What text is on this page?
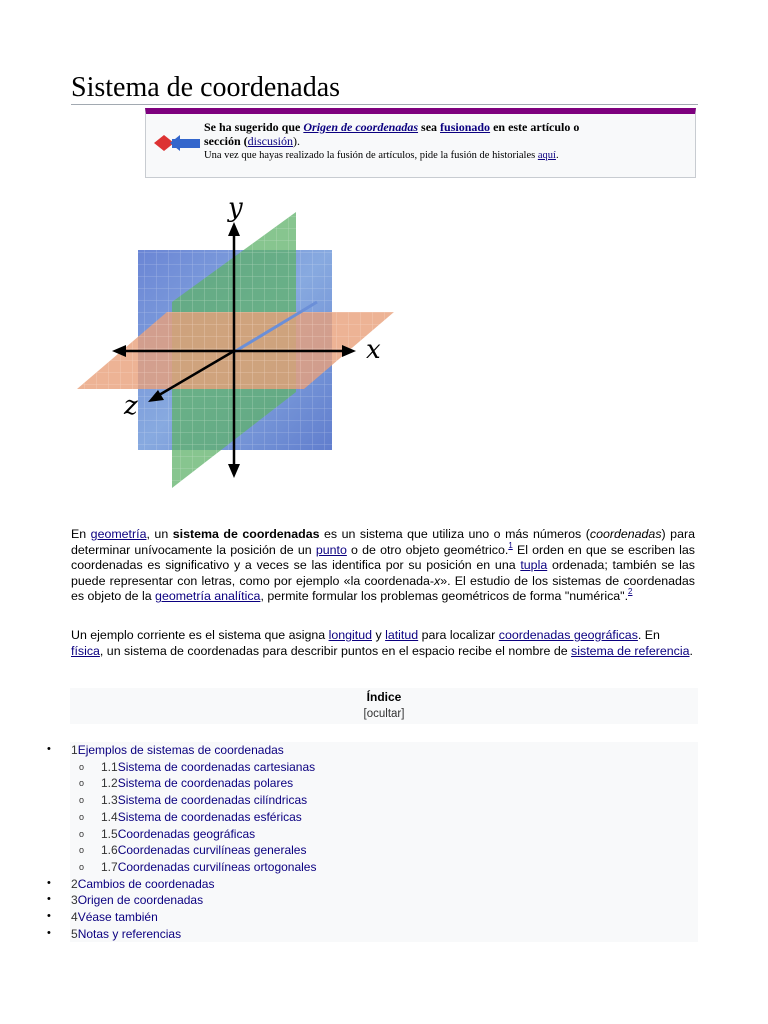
Sistema de coordenadas
Se ha sugerido que Origen de coordenadas sea fusionado en este artículo o
sección (discusión).
Una vez que hayas realizado la fusión de artículos, pide la fusión de historiales aquí.
y
x
z

En geometría, un sistema de coordenadas es un sistema que utiliza uno o más números (coordenadas) para determinar unívocamente la posición de un punto o de otro objeto geométrico.$^1$ El orden en que se escriben las coordenadas es significativo y a veces se las identifica por su posición en una tupla ordenada; también se las puede representar con letras, como por ejemplo «la coordenada-x». El estudio de los sistemas de coordenadas es objeto de la geometría analítica, permite formular los problemas geométricos de forma "numérica".$^2$

Un ejemplo corriente es el sistema que asigna longitud y latitud para localizar coordenadas geográficas. En física, un sistema de coordenadas para describir puntos en el espacio recibe el nombre de sistema de referencia.

Índice
[ocultar]
• 1Ejemplos de sistemas de coordenadas
o 1.1Sistema de coordenadas cartesianas
o 1.2Sistema de coordenadas polares
o 1.3Sistema de coordenadas cilíndricas
o 1.4Sistema de coordenadas esféricas
o 1.5Coordenadas geográficas
o 1.6Coordenadas curvilíneas generales
o 1.7Coordenadas curvilíneas ortogonales
• 2Cambios de coordenadas
• 3Origen de coordenadas
• 4Véase también
• 5Notas y referencias
